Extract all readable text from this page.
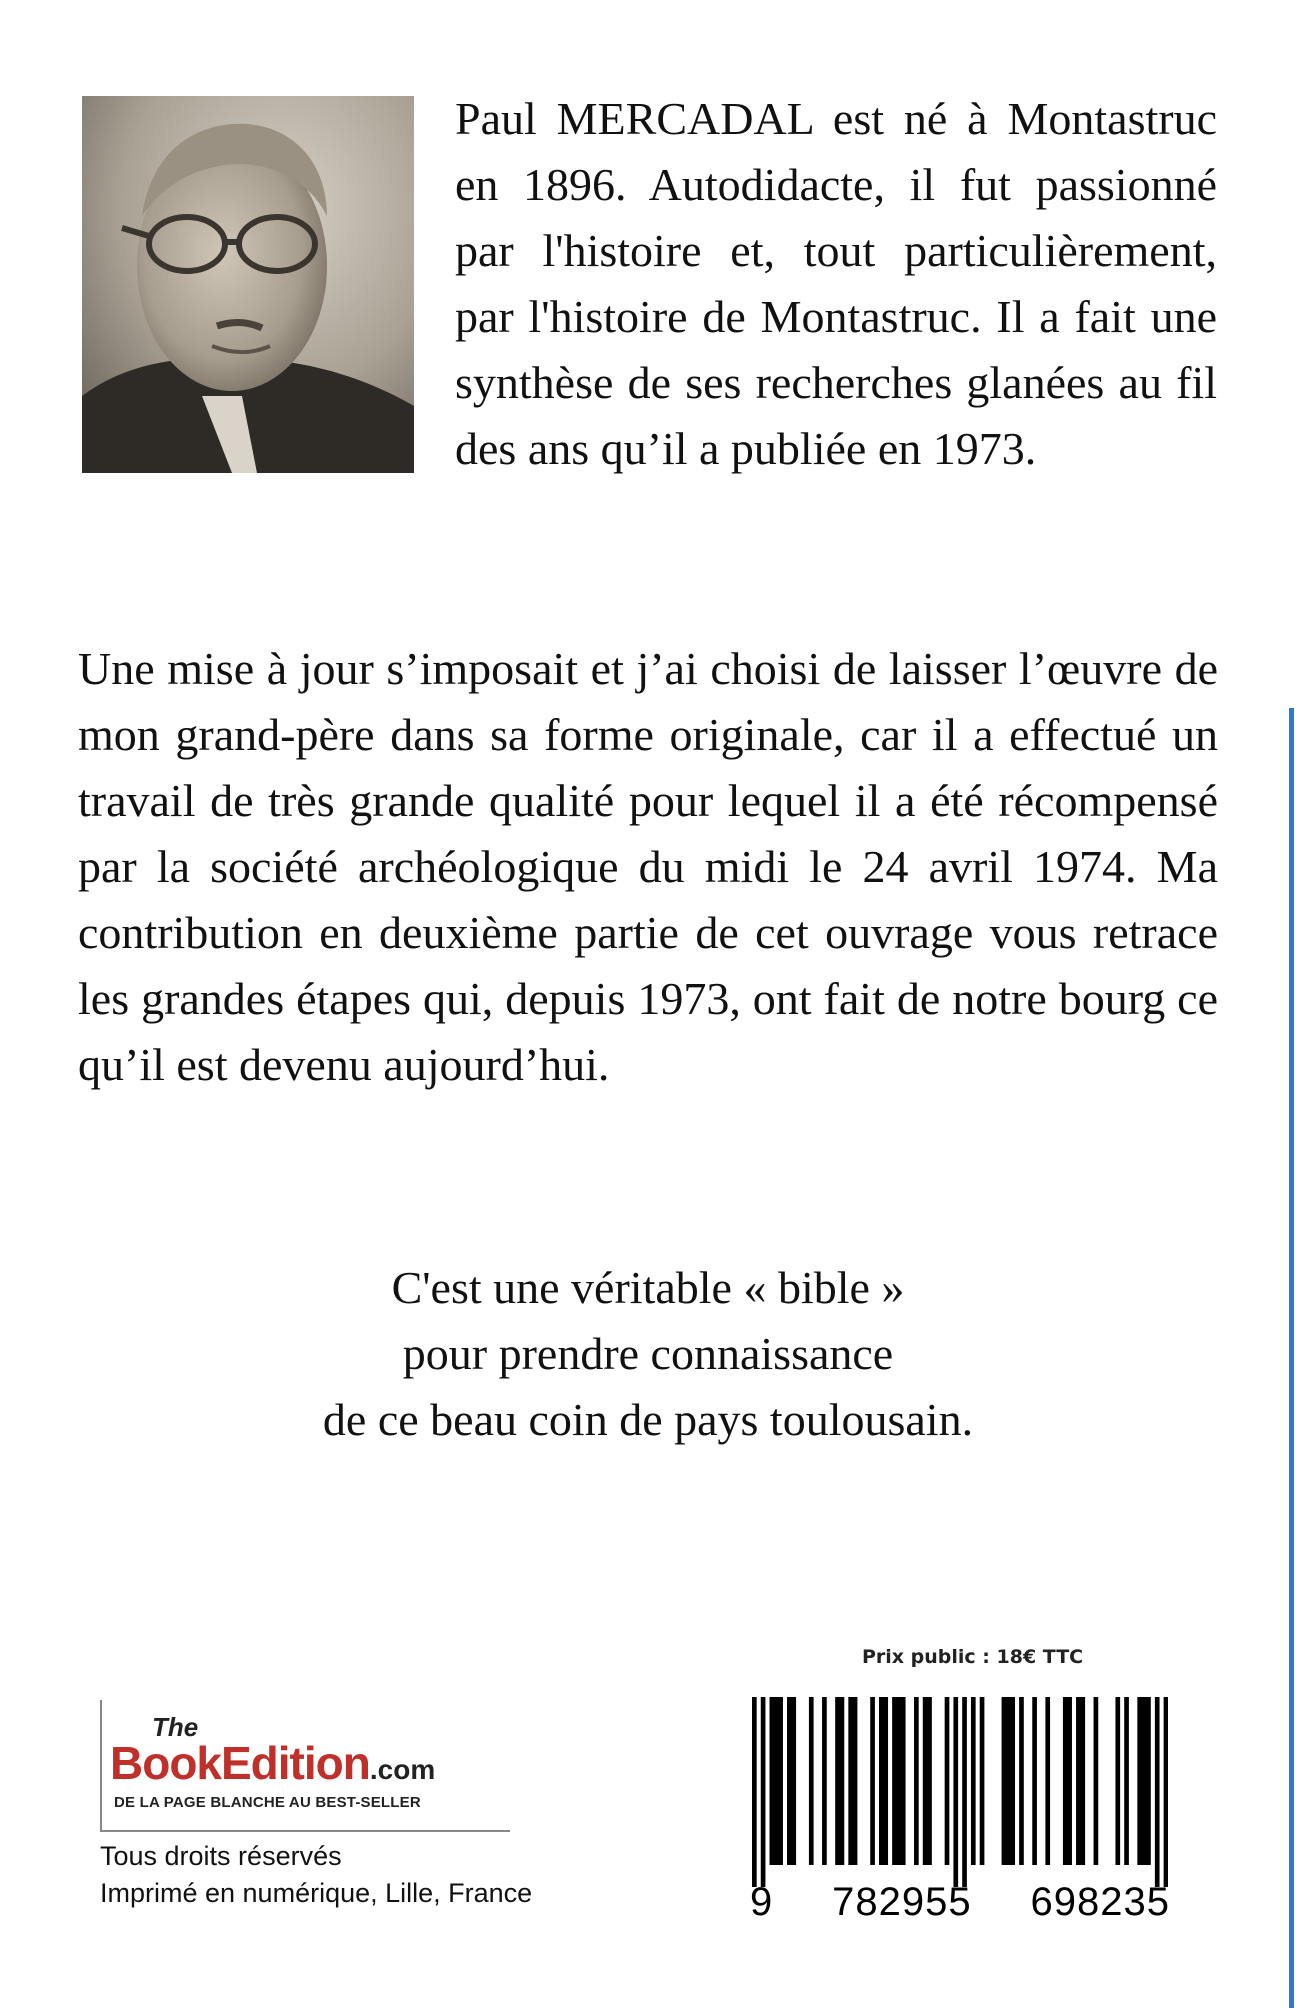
Paul MERCADAL est né à Montastruc en 1896. Autodidacte, il fut passionné par l'histoire et, tout particulièrement, par l'histoire de Montastruc. Il a fait une synthèse de ses recherches glanées au fil des ans qu’il a publiée en 1973.

Une mise à jour s’imposait et j’ai choisi de laisser l’œuvre de mon grand-père dans sa forme originale, car il a effectué un travail de très grande qualité pour lequel il a été récompensé par la société archéologique du midi le 24 avril 1974. Ma contribution en deuxième partie de cet ouvrage vous retrace les grandes étapes qui, depuis 1973, ont fait de notre bourg ce qu’il est devenu aujourd’hui.

C'est une véritable « bible »
pour prendre connaissance
de ce beau coin de pays toulousain.
Prix public : 18€ TTC
9 782955 698235
The
BookEdition.com
DE LA PAGE BLANCHE AU BEST-SELLER
Tous droits réservés
Imprimé en numérique, Lille, France
